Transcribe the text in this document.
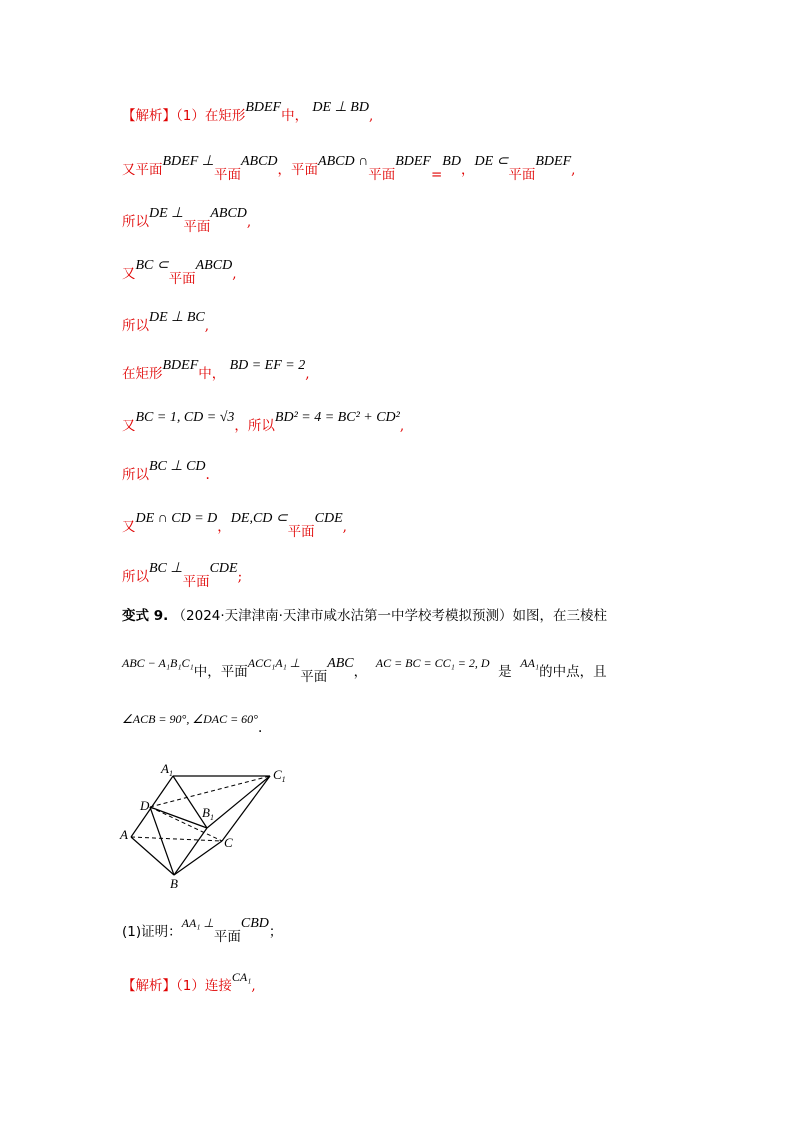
【解析】（1）在矩形BDEF中， DE ⊥ BD,
又平面BDEF ⊥平面ABCD，平面ABCD ∩平面BDEF=BD，DE ⊂平面BDEF,
所以DE ⊥平面ABCD,
又BC ⊂平面ABCD,
所以DE ⊥ BC,
在矩形BDEF中， BD = EF = 2,
又BC = 1, CD = √3，所以BD² = 4 = BC² + CD²,
所以BC ⊥ CD.
又DE ∩ CD = D，DE,CD ⊂平面CDE,
所以BC ⊥平面CDE;
变式 9. （2024·天津津南·天津市咸水沽第一中学校考模拟预测）如图，在三棱柱
ABC − A₁B₁C₁中，平面ACC₁A₁ ⊥平面ABC，  AC = BC = CC₁ = 2, D  是  AA₁的中点，且
∠ACB = 90°, ∠DAC = 60°.
$A_1$	$C_1$
D	$B_1$
A
C
B
(1)证明：AA₁ ⊥平面CBD；
【解析】（1）连接CA₁,
